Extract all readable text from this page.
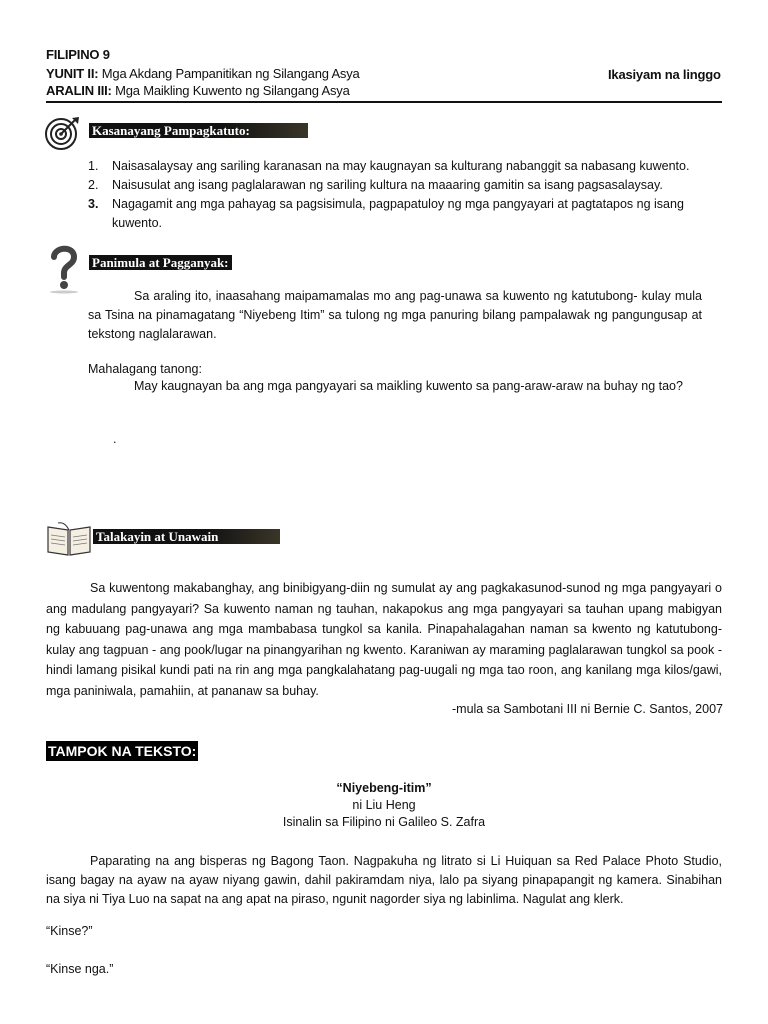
FILIPINO 9
YUNIT II: Mga Akdang Pampanitikan ng Silangang Asya
ARALIN III: Mga Maikling Kuwento ng Silangang Asya
Ikasiyam na linggo
Kasanayang Pampagkatuto:
1.	Naisasalaysay ang sariling karanasan na may kaugnayan sa kulturang nabanggit sa nabasang kuwento.
2.	Naisusulat ang isang paglalarawan ng sariling kultura na maaaring gamitin sa isang pagsasalaysay.
3.	Nagagamit ang mga pahayag sa pagsisimula, pagpapatuloy ng mga pangyayari at pagtatapos ng isang
kuwento.
Panimula at Pagganyak:
Sa araling ito, inaasahang maipamamalas mo ang pag-unawa sa kuwento ng katutubong- kulay mula sa Tsina na pinamagatang “Niyebeng Itim” sa tulong ng mga panuring bilang pampalawak ng pangungusap at tekstong naglalarawan.
Mahalagang tanong:
May kaugnayan ba ang mga pangyayari sa maikling kuwento sa pang-araw-araw na buhay ng tao?
.
Talakayin at Unawain
Sa kuwentong makabanghay, ang binibigyang-diin ng sumulat ay ang pagkakasunod-sunod ng mga pangyayari o ang madulang pangyayari? Sa kuwento naman ng tauhan, nakapokus ang mga pangyayari sa tauhan upang mabigyan ng kabuuang pag-unawa ang mga mambabasa tungkol sa kanila. Pinapahalagahan naman sa kwento ng katutubong-kulay ang tagpuan - ang pook/lugar na pinangyarihan ng kwento. Karaniwan ay maraming paglalarawan tungkol sa pook - hindi lamang pisikal kundi pati na rin ang mga pangkalahatang pag-uugali ng mga tao roon, ang kanilang mga kilos/gawi, mga paniniwala, pamahiin, at pananaw sa buhay.
-mula sa Sambotani III ni Bernie C. Santos, 2007
TAMPOK NA TEKSTO:
“Niyebeng-itim”
ni Liu Heng
Isinalin sa Filipino ni Galileo S. Zafra
Paparating na ang bisperas ng Bagong Taon. Nagpakuha ng litrato si Li Huiquan sa Red Palace Photo Studio, isang bagay na ayaw na ayaw niyang gawin, dahil pakiramdam niya, lalo pa siyang pinapapangit ng kamera. Sinabihan na siya ni Tiya Luo na sapat na ang apat na piraso, ngunit nagorder siya ng labinlima. Nagulat ang klerk.
“Kinse?”
“Kinse nga.”
